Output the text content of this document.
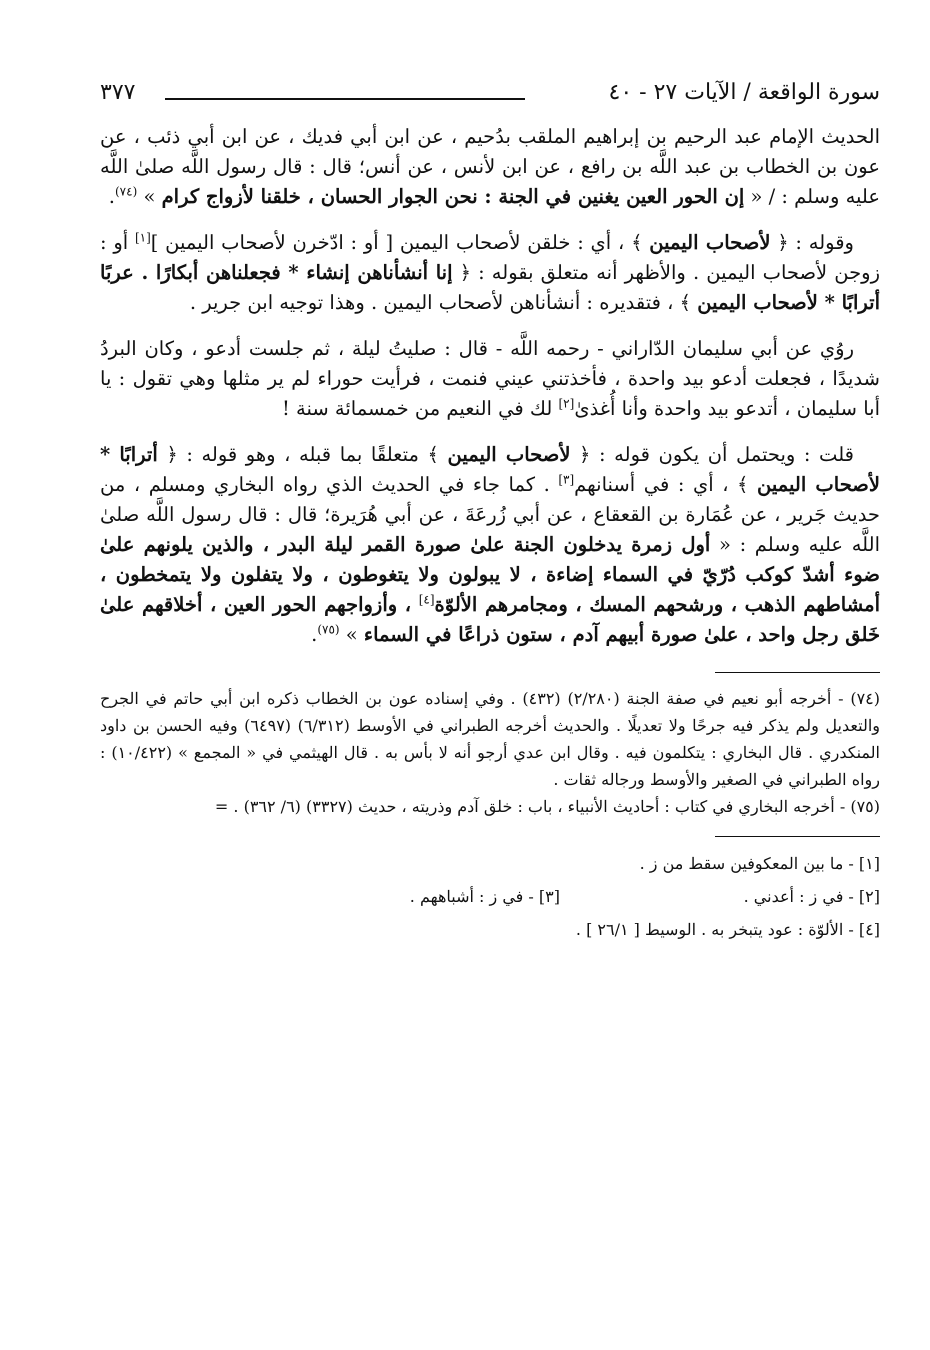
سورة الواقعة / الآيات ٢٧ - ٤٠
٣٧٧

الحديث الإمام عبد الرحيم بن إبراهيم الملقب بدُحيم ، عن ابن أبي فديك ، عن ابن أبي ذئب ، عن عون بن الخطاب بن عبد اللَّه بن رافع ، عن ابن لأنس ، عن أنس؛ قال : قال رسول اللَّه صلىٰ اللَّه عليه وسلم : / « إن الحور العين يغنين في الجنة : نحن الجوار الحسان ، خلقنا لأزواج كرام » $^{(٧٤)}$.

وقوله : ﴿ لأصحاب اليمين ﴾ ، أي : خلقن لأصحاب اليمين [ أو : ادّخرن لأصحاب اليمين ][١] أو : زوجن لأصحاب اليمين . والأظهر أنه متعلق بقوله : ﴿ إنا أنشأناهن إنشاء * فجعلناهن أبكارًا . عربًا أترابًا * لأصحاب اليمين ﴾ ، فتقديره : أنشأناهن لأصحاب اليمين . وهذا توجيه ابن جرير .

روُي عن أبي سليمان الدّاراني - رحمه اللَّه - قال : صليتُ ليلة ، ثم جلست أدعو ، وكان البردُ شديدًا ، فجعلت أدعو بيد واحدة ، فأخذتني عيني فنمت ، فرأيت حوراء لم ير مثلها وهي تقول : يا أبا سليمان ، أتدعو بيد واحدة وأنا أُغذىٰ[٢] لك في النعيم من خمسمائة سنة !

قلت : ويحتمل أن يكون قوله : ﴿ لأصحاب اليمين ﴾ متعلقًا بما قبله ، وهو قوله : ﴿ أترابًا * لأصحاب اليمين ﴾ ، أي : في أسنانهم[٣] . كما جاء في الحديث الذي رواه البخاري ومسلم ، من حديث جَرير ، عن عُمَارة بن القعقاع ، عن أبي زُرعَةَ ، عن أبي هُرَيرة؛ قال : قال رسول اللَّه صلىٰ اللَّه عليه وسلم : « أول زمرة يدخلون الجنة علىٰ صورة القمر ليلة البدر ، والذين يلونهم علىٰ ضوء أشدّ كوكب دُرّيّ في السماء إضاءة ، لا يبولون ولا يتغوطون ، ولا يتفلون ولا يتمخطون ، أمشاطهم الذهب ، ورشحهم المسك ، ومجامرهم الألوّة[٤] ، وأزواجهم الحور العين ، أخلاقهم علىٰ خَلق رجل واحد ، علىٰ صورة أبيهم آدم ، ستون ذراعًا في السماء » $^{(٧٥)}$.

(٧٤) - أخرجه أبو نعيم في صفة الجنة (٢/٢٨٠) (٤٣٢) . وفي إسناده عون بن الخطاب ذكره ابن أبي حاتم في الجرح والتعديل ولم يذكر فيه جرحًا ولا تعديلًا . والحديث أخرجه الطبراني في الأوسط (٦/٣١٢) (٦٤٩٧) وفيه الحسن بن داود المنكدري . قال البخاري : يتكلمون فيه . وقال ابن عدي أرجو أنه لا بأس به . قال الهيثمي في « المجمع » (١٠/٤٢٢) : رواه الطبراني في الصغير والأوسط ورجاله ثقات .

(٧٥) - أخرجه البخاري في كتاب : أحاديث الأنبياء ، باب : خلق آدم وذريته ، حديث (٣٣٢٧) (٦/ ٣٦٢) . =

[١] - ما بين المعكوفين سقط من ز .

[٢] - في ز : أعدني .
[٣] - في ز : أشباههم .

[٤] - الألوّة : عود يتبخر به . الوسيط [ ٢٦/١ ] .
